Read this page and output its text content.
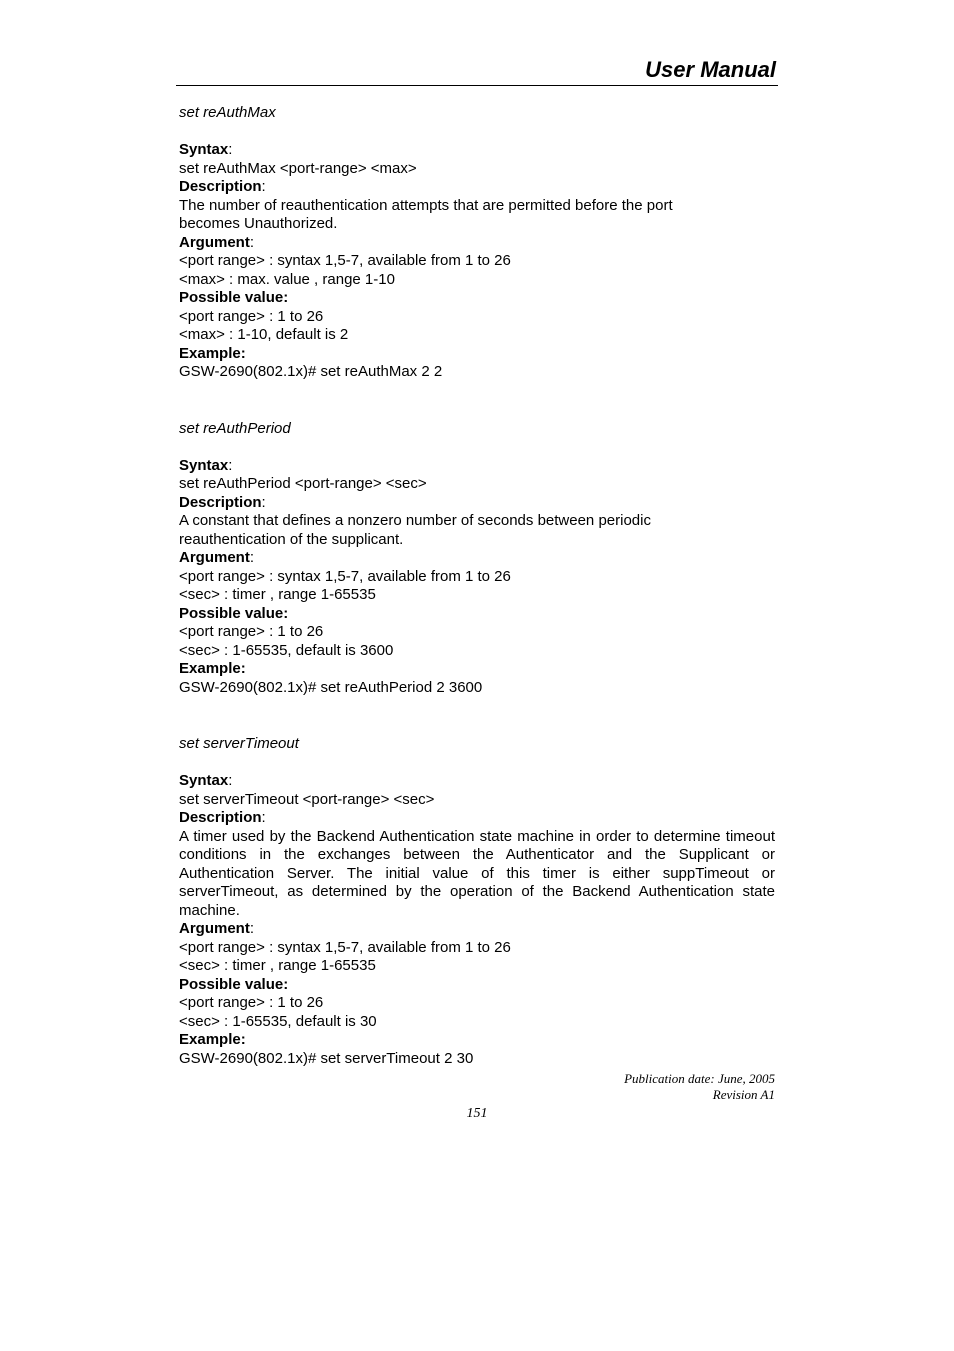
User Manual

set reAuthMax

Syntax:

set reAuthMax <port-range> <max>

Description:

The number of reauthentication attempts that are permitted before the port becomes Unauthorized.

Argument:

<port range> : syntax 1,5-7, available from 1 to 26

<max> : max. value , range 1-10

Possible value:

<port range> : 1 to 26

<max> : 1-10, default is 2

Example:

GSW-2690(802.1x)# set reAuthMax 2 2

set reAuthPeriod

Syntax:

set reAuthPeriod <port-range> <sec>

Description:

A constant that defines a nonzero number of seconds between periodic reauthentication of the supplicant.

Argument:

<port range> : syntax 1,5-7, available from 1 to 26

<sec> : timer , range 1-65535

Possible value:

<port range> : 1 to 26

<sec> : 1-65535, default is 3600

Example:

GSW-2690(802.1x)# set reAuthPeriod 2 3600

set serverTimeout

Syntax:

set serverTimeout <port-range> <sec>

Description:

A timer used by the Backend Authentication state machine in order to determine timeout conditions in the exchanges between the Authenticator and the Supplicant or Authentication Server. The initial value of this timer is either suppTimeout or serverTimeout, as determined by the operation of the Backend Authentication state machine.

Argument:

<port range> : syntax 1,5-7, available from 1 to 26

<sec> : timer , range 1-65535

Possible value:

<port range> : 1 to 26

<sec> : 1-65535, default is 30

Example:

GSW-2690(802.1x)# set serverTimeout 2 30

Publication date: June, 2005
Revision A1
151
